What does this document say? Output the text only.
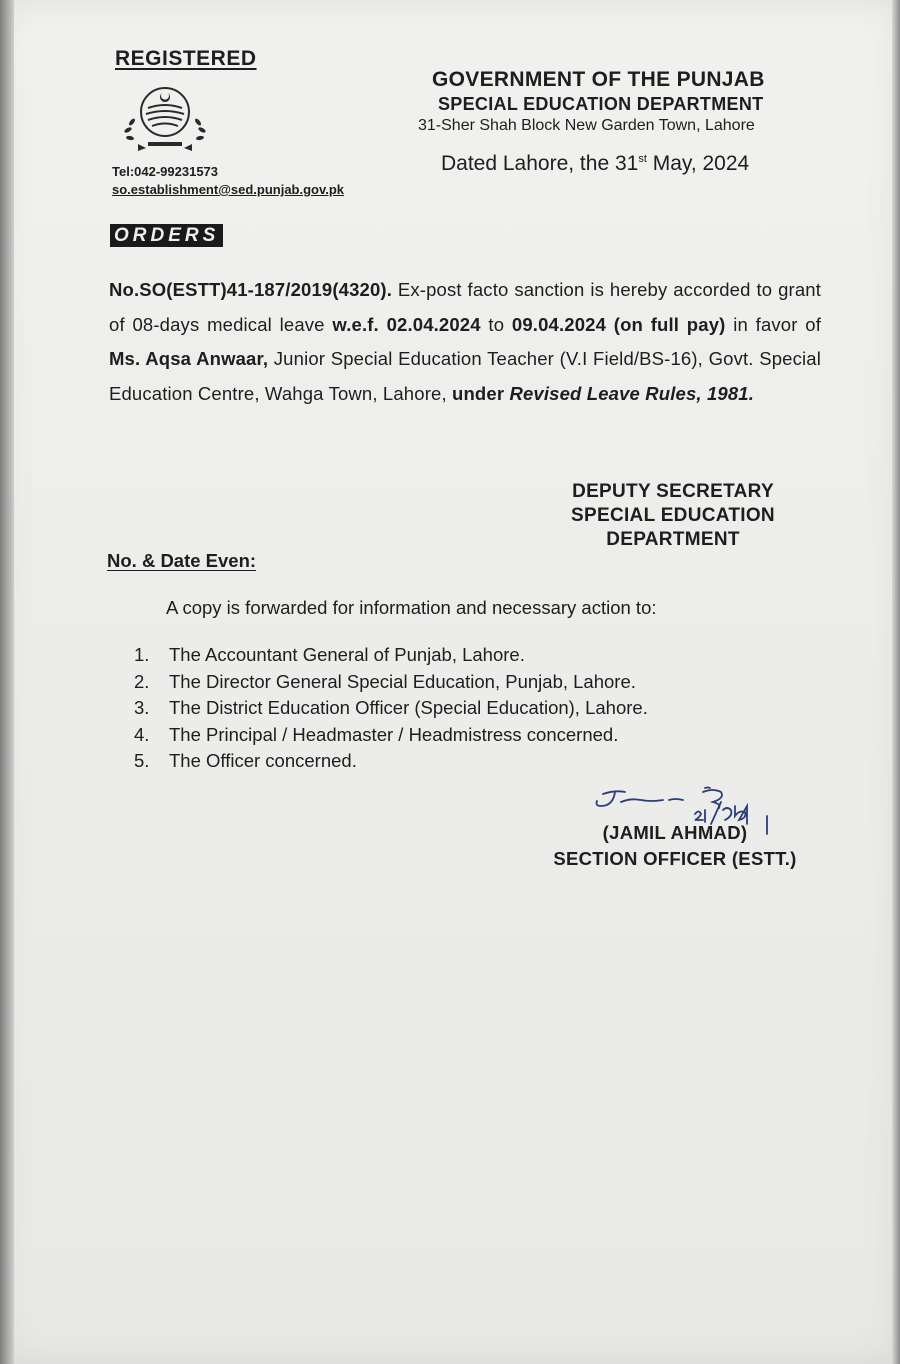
REGISTERED
Tel:042-99231573
so.establishment@sed.punjab.gov.pk
GOVERNMENT OF THE PUNJAB
SPECIAL EDUCATION DEPARTMENT
31-Sher Shah Block New Garden Town, Lahore
Dated Lahore, the 31st May, 2024
ORDERS
No.SO(ESTT)41-187/2019(4320). Ex-post facto sanction is hereby accorded to grant of 08-days medical leave w.e.f. 02.04.2024 to 09.04.2024 (on full pay) in favor of Ms. Aqsa Anwaar, Junior Special Education Teacher (V.I Field/BS-16), Govt. Special Education Centre, Wahga Town, Lahore, under Revised Leave Rules, 1981.
DEPUTY SECRETARY
SPECIAL EDUCATION
DEPARTMENT
No. & Date Even:
A copy is forwarded for information and necessary action to:
1. The Accountant General of Punjab, Lahore.
2. The Director General Special Education, Punjab, Lahore.
3. The District Education Officer (Special Education), Lahore.
4. The Principal / Headmaster / Headmistress concerned.
5. The Officer concerned.
(JAMIL AHMAD)
SECTION OFFICER (ESTT.)
